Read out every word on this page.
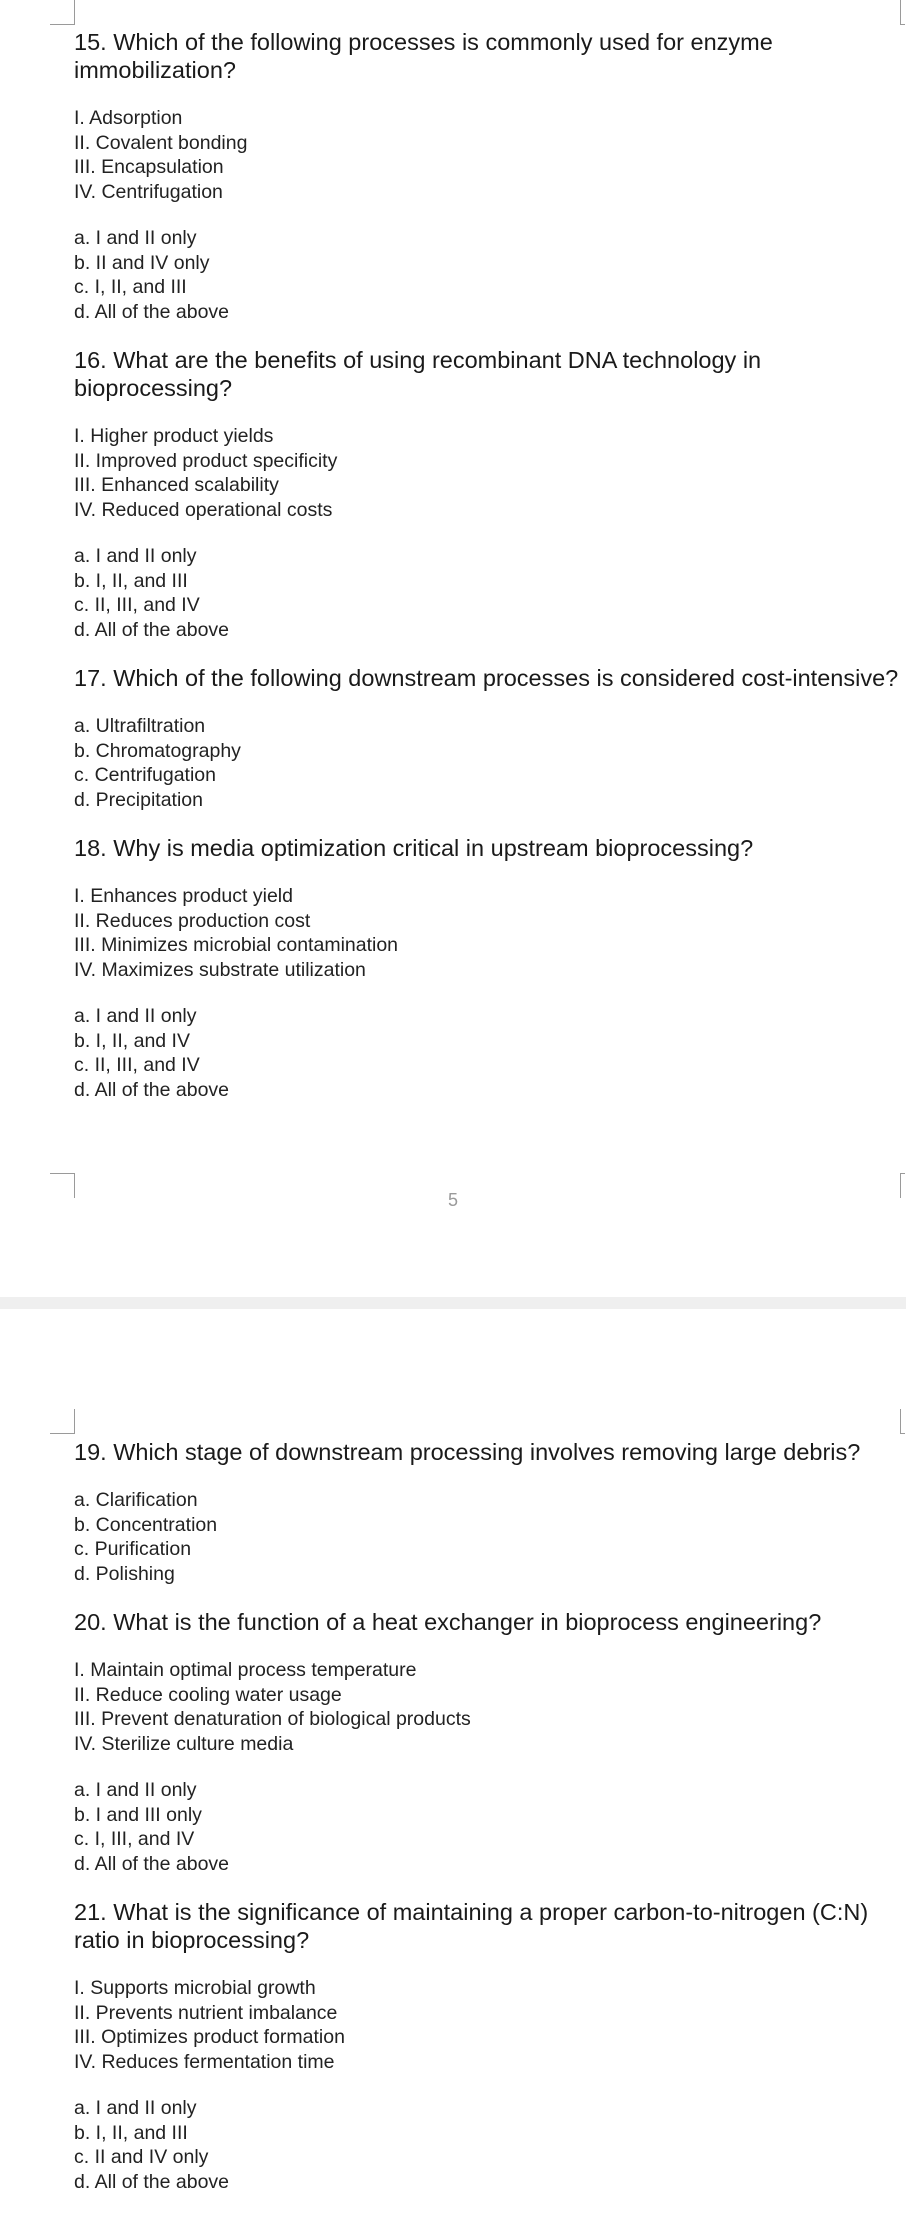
15. Which of the following processes is commonly used for enzyme immobilization?
I. Adsorption
II. Covalent bonding
III. Encapsulation
IV. Centrifugation
a. I and II only
b. II and IV only
c. I, II, and III
d. All of the above
16. What are the benefits of using recombinant DNA technology in bioprocessing?
I. Higher product yields
II. Improved product specificity
III. Enhanced scalability
IV. Reduced operational costs
a. I and II only
b. I, II, and III
c. II, III, and IV
d. All of the above
17. Which of the following downstream processes is considered cost-intensive?
a. Ultrafiltration
b. Chromatography
c. Centrifugation
d. Precipitation
18. Why is media optimization critical in upstream bioprocessing?
I. Enhances product yield
II. Reduces production cost
III. Minimizes microbial contamination
IV. Maximizes substrate utilization
a. I and II only
b. I, II, and IV
c. II, III, and IV
d. All of the above
5
19. Which stage of downstream processing involves removing large debris?
a. Clarification
b. Concentration
c. Purification
d. Polishing
20. What is the function of a heat exchanger in bioprocess engineering?
I. Maintain optimal process temperature
II. Reduce cooling water usage
III. Prevent denaturation of biological products
IV. Sterilize culture media
a. I and II only
b. I and III only
c. I, III, and IV
d. All of the above
21. What is the significance of maintaining a proper carbon-to-nitrogen (C:N) ratio in bioprocessing?
I. Supports microbial growth
II. Prevents nutrient imbalance
III. Optimizes product formation
IV. Reduces fermentation time
a. I and II only
b. I, II, and III
c. II and IV only
d. All of the above
